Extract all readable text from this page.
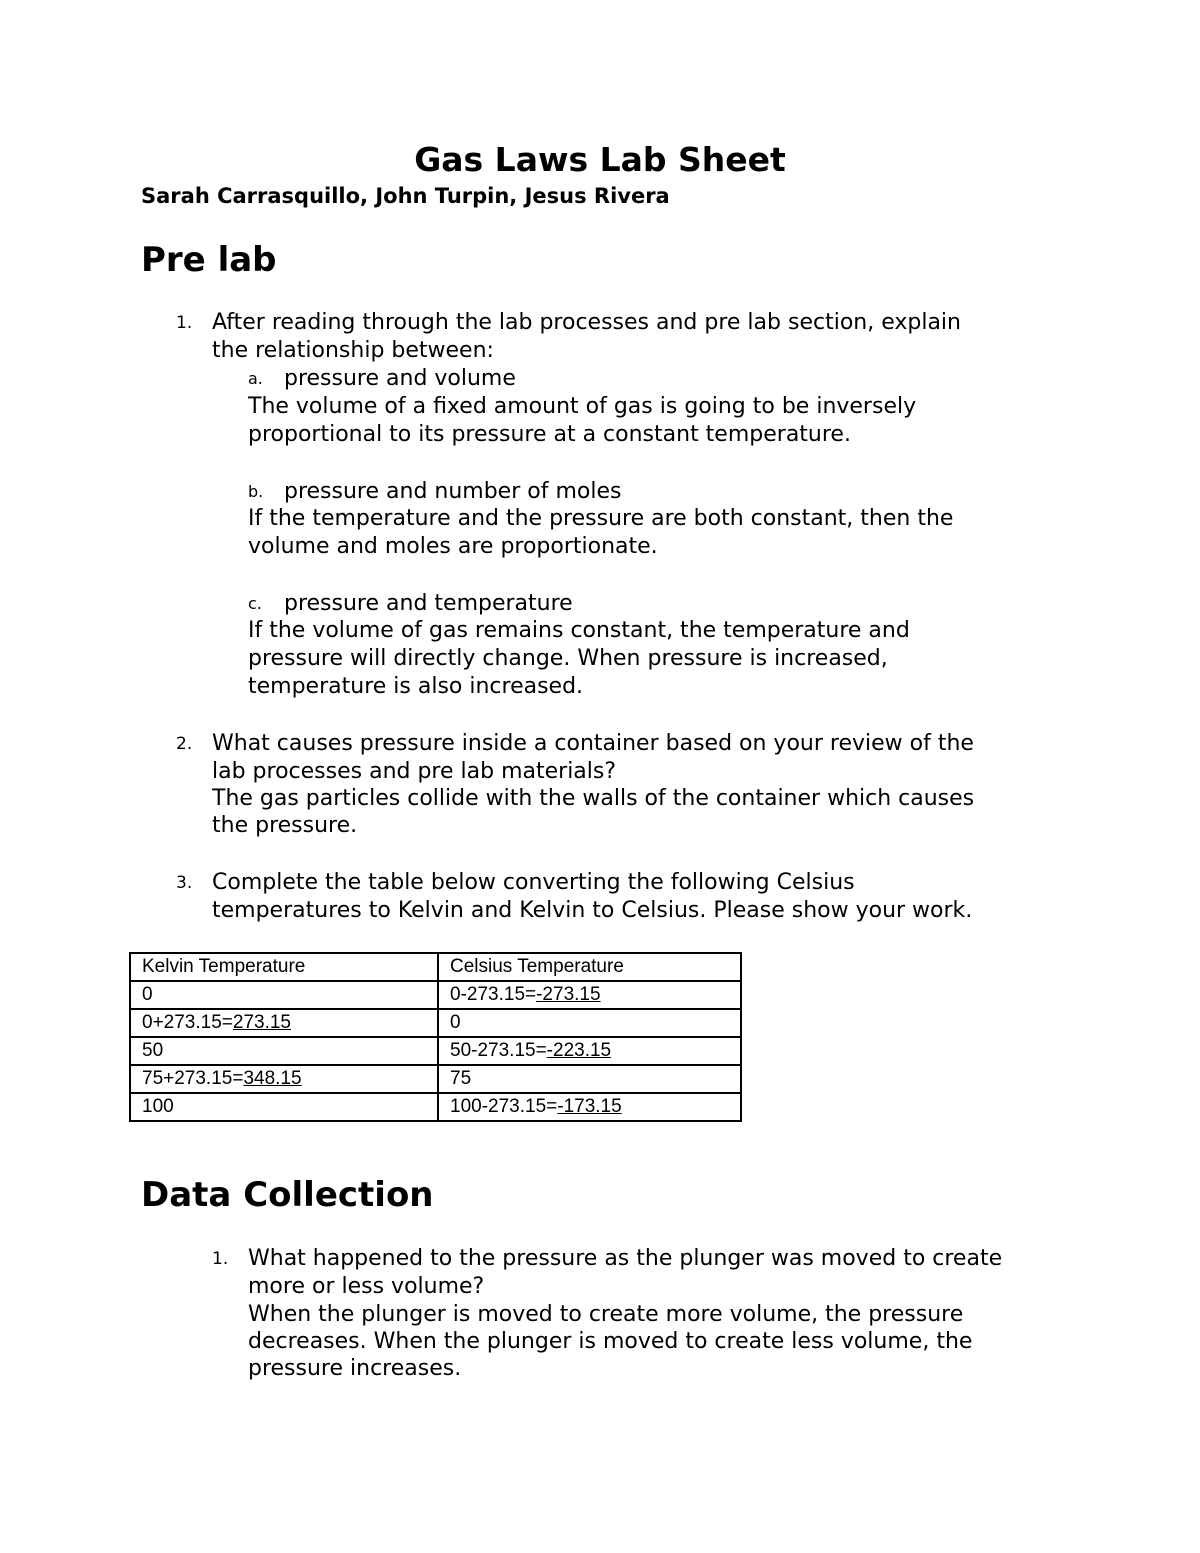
Gas Laws Lab Sheet
Sarah Carrasquillo, John Turpin, Jesus Rivera
Pre lab
1. After reading through the lab processes and pre lab section, explain
the relationship between:
a. pressure and volume
The volume of a fixed amount of gas is going to be inversely
proportional to its pressure at a constant temperature.
b. pressure and number of moles
If the temperature and the pressure are both constant, then the
volume and moles are proportionate.
c. pressure and temperature
If the volume of gas remains constant, the temperature and
pressure will directly change. When pressure is increased,
temperature is also increased.
2. What causes pressure inside a container based on your review of the
lab processes and pre lab materials?
The gas particles collide with the walls of the container which causes
the pressure.
3. Complete the table below converting the following Celsius
temperatures to Kelvin and Kelvin to Celsius. Please show your work.
Kelvin Temperature	Celsius Temperature
0	0-273.15=-273.15
0+273.15=273.15	0
50	50-273.15=-223.15
75+273.15=348.15	75
100	100-273.15=-173.15
Data Collection
1. What happened to the pressure as the plunger was moved to create
more or less volume?
When the plunger is moved to create more volume, the pressure
decreases. When the plunger is moved to create less volume, the
pressure increases.
